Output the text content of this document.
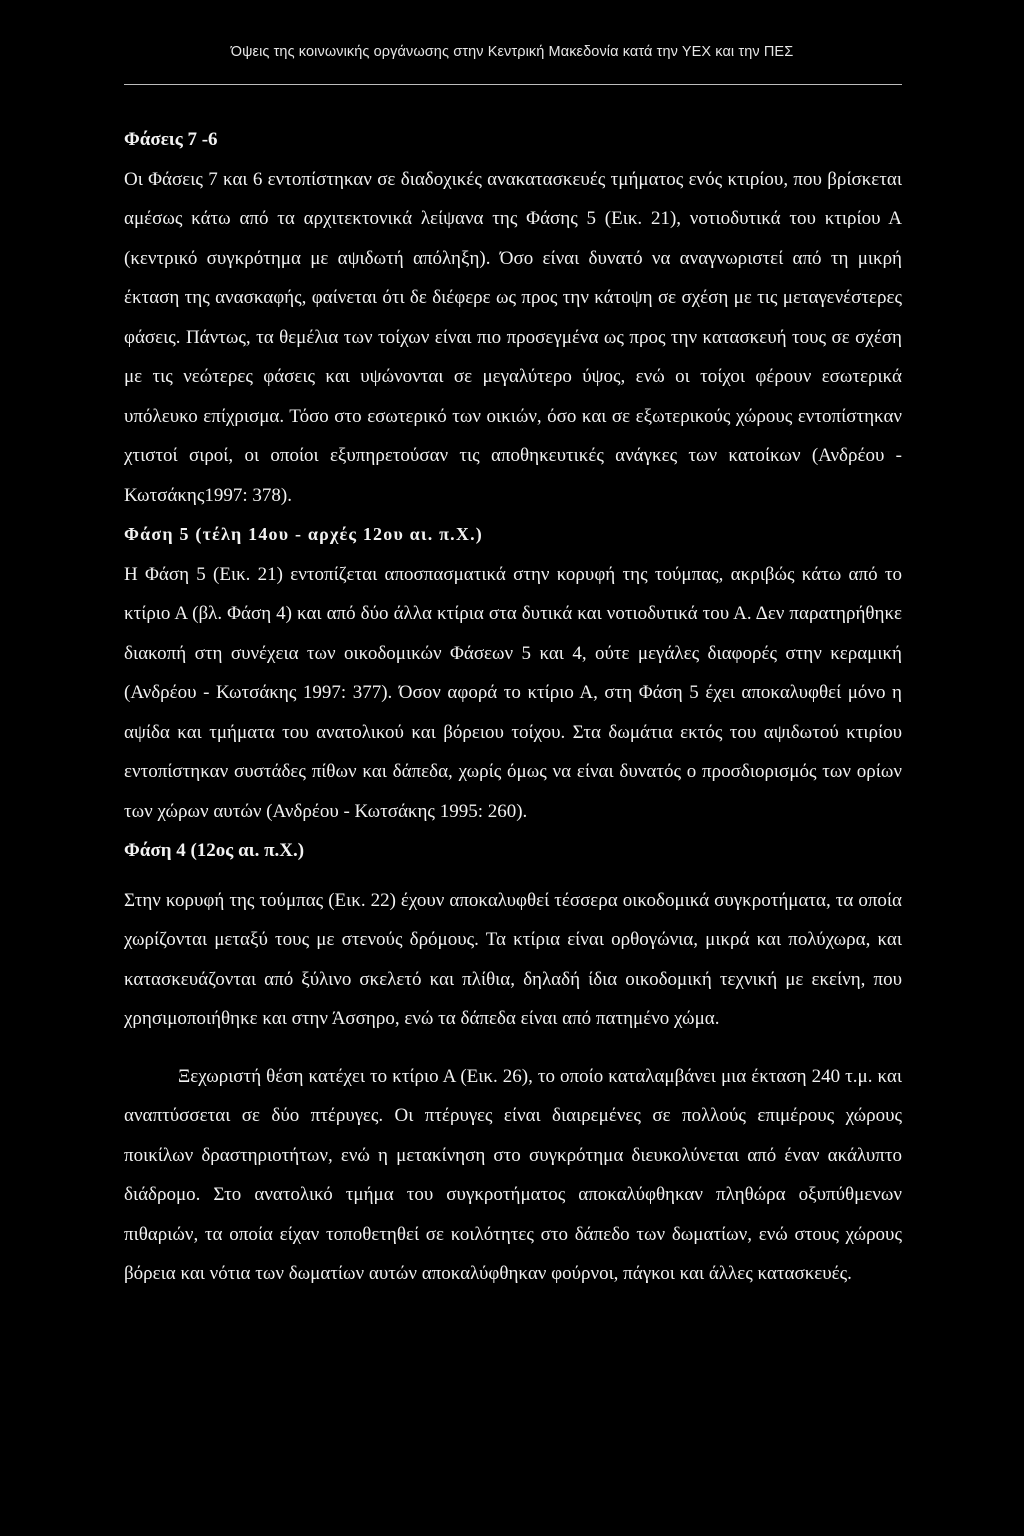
Όψεις της κοινωνικής οργάνωσης στην Κεντρική Μακεδονία κατά την ΥΕΧ και την ΠΕΣ
Φάσεις 7 -6

Οι Φάσεις 7 και 6 εντοπίστηκαν σε διαδοχικές ανακατασκευές τμήματος ενός κτιρίου, που βρίσκεται αμέσως κάτω από τα αρχιτεκτονικά λείψανα της Φάσης 5 (Εικ. 21), νοτιοδυτικά του κτιρίου Α (κεντρικό συγκρότημα με αψιδωτή απόληξη). Όσο είναι δυνατό να αναγνωριστεί από τη μικρή έκταση της ανασκαφής, φαίνεται ότι δε διέφερε ως προς την κάτοψη σε σχέση με τις μεταγενέστερες φάσεις. Πάντως, τα θεμέλια των τοίχων είναι πιο προσεγμένα ως προς την κατασκευή τους σε σχέση με τις νεώτερες φάσεις και υψώνονται σε μεγαλύτερο ύψος, ενώ οι τοίχοι φέρουν εσωτερικά υπόλευκο επίχρισμα. Τόσο στο εσωτερικό των οικιών, όσο και σε εξωτερικούς χώρους εντοπίστηκαν χτιστοί σιροί, οι οποίοι εξυπηρετούσαν τις αποθηκευτικές ανάγκες των κατοίκων (Ανδρέου - Κωτσάκης1997: 378).

Φάση 5 (τέλη 14ου - αρχές 12ου αι. π.Χ.)

Η Φάση 5 (Εικ. 21) εντοπίζεται αποσπασματικά στην κορυφή της τούμπας, ακριβώς κάτω από το κτίριο Α (βλ. Φάση 4) και από δύο άλλα κτίρια στα δυτικά και νοτιοδυτικά του Α. Δεν παρατηρήθηκε διακοπή στη συνέχεια των οικοδομικών Φάσεων 5 και 4, ούτε μεγάλες διαφορές στην κεραμική (Ανδρέου - Κωτσάκης 1997: 377). Όσον αφορά το κτίριο Α, στη Φάση 5 έχει αποκαλυφθεί μόνο η αψίδα και τμήματα του ανατολικού και βόρειου τοίχου. Στα δωμάτια εκτός του αψιδωτού κτιρίου εντοπίστηκαν συστάδες πίθων και δάπεδα, χωρίς όμως να είναι δυνατός ο προσδιορισμός των ορίων των χώρων αυτών (Ανδρέου - Κωτσάκης 1995: 260).

Φάση 4 (12ος αι. π.Χ.)

Στην κορυφή της τούμπας (Εικ. 22) έχουν αποκαλυφθεί τέσσερα οικοδομικά συγκροτήματα, τα οποία χωρίζονται μεταξύ τους με στενούς δρόμους. Τα κτίρια είναι ορθογώνια, μικρά και πολύχωρα, και κατασκευάζονται από ξύλινο σκελετό και πλίθια, δηλαδή ίδια οικοδομική τεχνική με εκείνη, που χρησιμοποιήθηκε και στην Άσσηρο, ενώ τα δάπεδα είναι από πατημένο χώμα.

Ξεχωριστή θέση κατέχει το κτίριο Α (Εικ. 26), το οποίο καταλαμβάνει μια έκταση 240 τ.μ. και αναπτύσσεται σε δύο πτέρυγες. Οι πτέρυγες είναι διαιρεμένες σε πολλούς επιμέρους χώρους ποικίλων δραστηριοτήτων, ενώ η μετακίνηση στο συγκρότημα διευκολύνεται από έναν ακάλυπτο διάδρομο. Στο ανατολικό τμήμα του συγκροτήματος αποκαλύφθηκαν πληθώρα οξυπύθμενων πιθαριών, τα οποία είχαν τοποθετηθεί σε κοιλότητες στο δάπεδο των δωματίων, ενώ στους χώρους βόρεια και νότια των δωματίων αυτών αποκαλύφθηκαν φούρνοι, πάγκοι και άλλες κατασκευές.
